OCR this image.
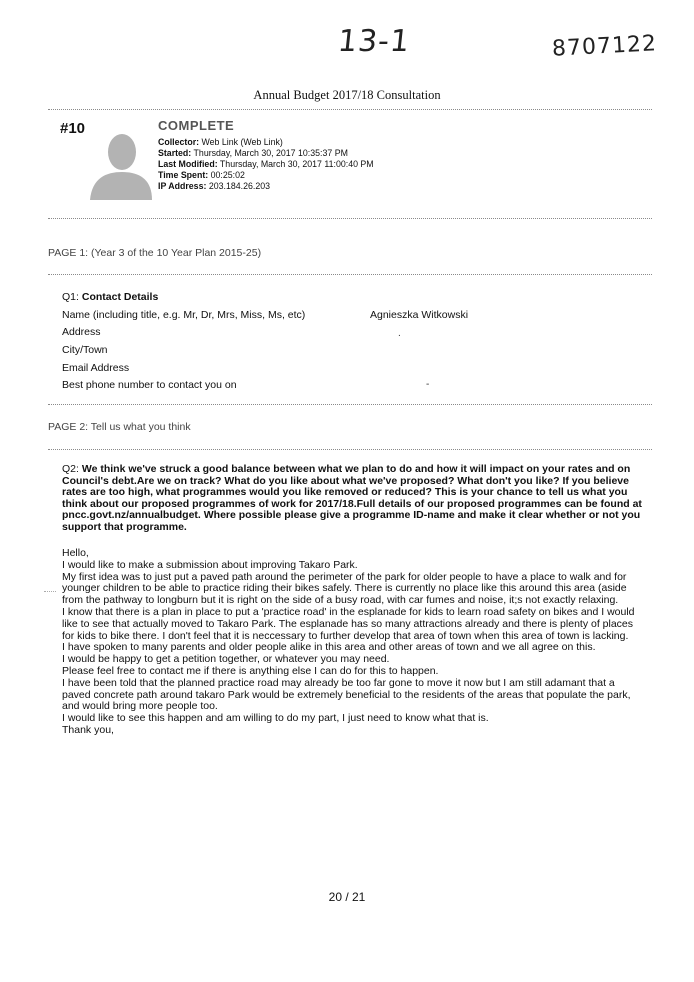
13-1	8707122
Annual Budget 2017/18 Consultation
#10	COMPLETE
Collector: Web Link (Web Link)
Started: Thursday, March 30, 2017 10:35:37 PM
Last Modified: Thursday, March 30, 2017 11:00:40 PM
Time Spent: 00:25:02
IP Address: 203.184.26.203
PAGE 1: (Year 3 of the 10 Year Plan 2015-25)
Q1: Contact Details
Name (including title, e.g. Mr, Dr, Mrs, Miss, Ms, etc)	Agnieszka Witkowski
Address	.
City/Town
Email Address
Best phone number to contact you on	-
PAGE 2: Tell us what you think
Q2: We think we've struck a good balance between what we plan to do and how it will impact on your rates and on Council's debt.Are we on track? What do you like about what we've proposed? What don't you like? If you believe rates are too high, what programmes would you like removed or reduced? This is your chance to tell us what you think about our proposed programmes of work for 2017/18.Full details of our proposed programmes can be found at pncc.govt.nz/annualbudget. Where possible please give a programme ID-name and make it clear whether or not you support that programme.

Hello,

I would like to make a submission about improving Takaro Park.

My first idea was to just put a paved path around the perimeter of the park for older people to have a place to walk and for younger children to be able to practice riding their bikes safely. There is currently no place like this around this area (aside from the pathway to longburn but it is right on the side of a busy road, with car fumes and noise, it;s not exactly relaxing.

I know that there is a plan in place to put a 'practice road' in the esplanade for kids to learn road safety on bikes and I would like to see that actually moved to Takaro Park. The esplanade has so many attractions already and there is plenty of places for kids to bike there. I don't feel that it is neccessary to further develop that area of town when this area of town is lacking.

I have spoken to many parents and older people alike in this area and other areas of town and we all agree on this.

I would be happy to get a petition together, or whatever you may need.

Please feel free to contact me if there is anything else I can do for this to happen.

I have been told that the planned practice road may already be too far gone to move it now but I am still adamant that a paved concrete path around takaro Park would be extremely beneficial to the residents of the areas that populate the park, and would bring more people too.

I would like to see this happen and am willing to do my part, I just need to know what that is.

Thank you,

20 / 21
